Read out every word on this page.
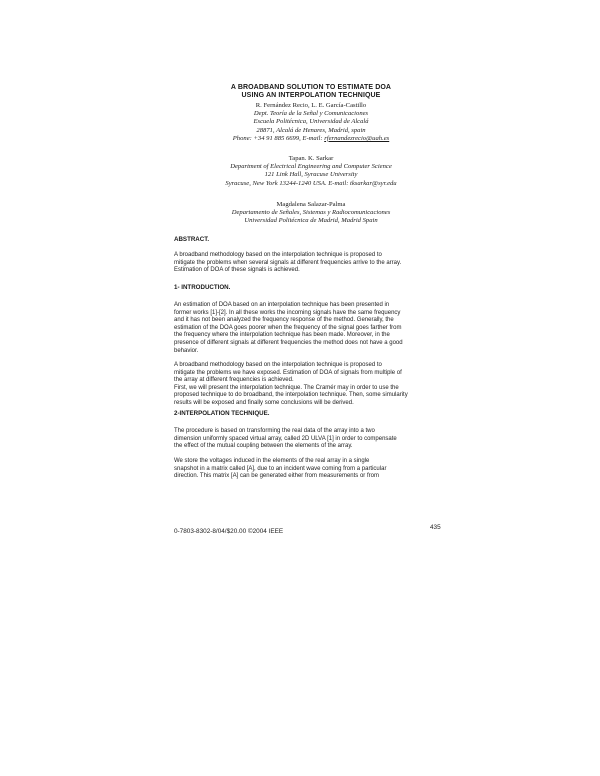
A BROADBAND SOLUTION TO ESTIMATE DOA
USING AN INTERPOLATION TECHNIQUE
R. Fernández Recio, L. E. García-Castillo
Dept. Teoría de la Señal y Comunicaciones
Escuela Politécnica, Universidad de Alcalá
28871, Alcalá de Henares, Madrid, spain
Phone: +34 91 885 6699, E-mail: rfernandezrecio@uah.es
Tapan. K. Sarkar
Department of Electrical Engineering and Computer Science
121 Link Hall, Syracuse University
Syracuse, New York 13244-1240 USA. E-mail: tksarkar@syr.edu
Magdalena Salazar-Palma
Departamento de Señales, Sistemas y Radiocomunicaciones
Universidad Politécnica de Madrid, Madrid Spain
ABSTRACT.
A broadband methodology based on the interpolation technique is proposed to
mitigate the problems when several signals at different frequencies arrive to the array.
Estimation of DOA of these signals is achieved.
1- INTRODUCTION.
An estimation of DOA based on an interpolation technique has been presented in
former works [1]-[2]. In all these works the incoming signals have the same frequency
and it has not been analyzed the frequency response of the method. Generally, the
estimation of the DOA goes poorer when the frequency of the signal goes farther from
the frequency where the interpolation technique has been made. Moreover, in the
presence of different signals at different frequencies the method does not have a good
behavior.
A broadband methodology based on the interpolation technique is proposed to
mitigate the problems we have exposed. Estimation of DOA of signals from multiple of
the array at different frequencies is achieved.
First, we will present the interpolation technique. The Cramér may in order to use the
proposed technique to do broadband, the interpolation technique. Then, some simularity
results will be exposed and finally some conclusions will be derived.
2-INTERPOLATION TECHNIQUE.
The procedure is based on transforming the real data of the array into a two
dimension uniformly spaced virtual array, called 2D ULVA [1] in order to compensate
the effect of the mutual coupling between the elements of the array.
We store the voltages induced in the elements of the real array in a single
snapshot in a matrix called [A], due to an incident wave coming from a particular
direction. This matrix [A] can be generated either from measurements or from
0-7803-8302-8/04/$20.00 ©2004 IEEE
435
